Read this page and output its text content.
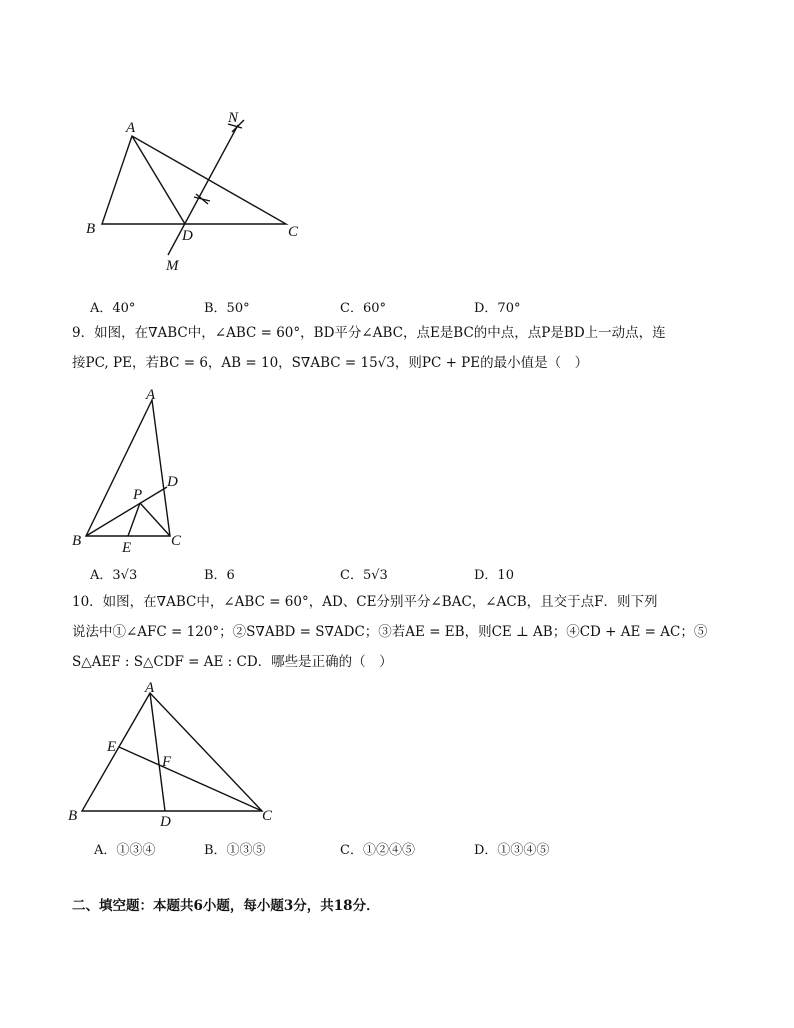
A
B	C
D
M
N
A．40°	B．50°	C．60°	D．70°
9．如图，在∇ABC中，∠ABC = 60°，BD平分∠ABC，点E是BC的中点，点P是BD上一动点，连
接PC, PE，若BC = 6，AB = 10，S∇ABC = 15√3，则PC + PE的最小值是（　）
A
B	C
D
E
P
A．3√3	B．6	C．5√3	D．10
10．如图，在∇ABC中，∠ABC = 60°，AD、CE分别平分∠BAC，∠ACB，且交于点F．则下列
说法中①∠AFC = 120°；②S∇ABD = S∇ADC；③若AE = EB，则CE ⊥ AB；④CD + AE = AC；⑤
S△AEF : S△CDF = AE : CD．哪些是正确的（　）
A
B	C
D
E
F
A．①③④	B．①③⑤	C．①②④⑤	D．①③④⑤
二、填空题：本题共6小题，每小题3分，共18分．
